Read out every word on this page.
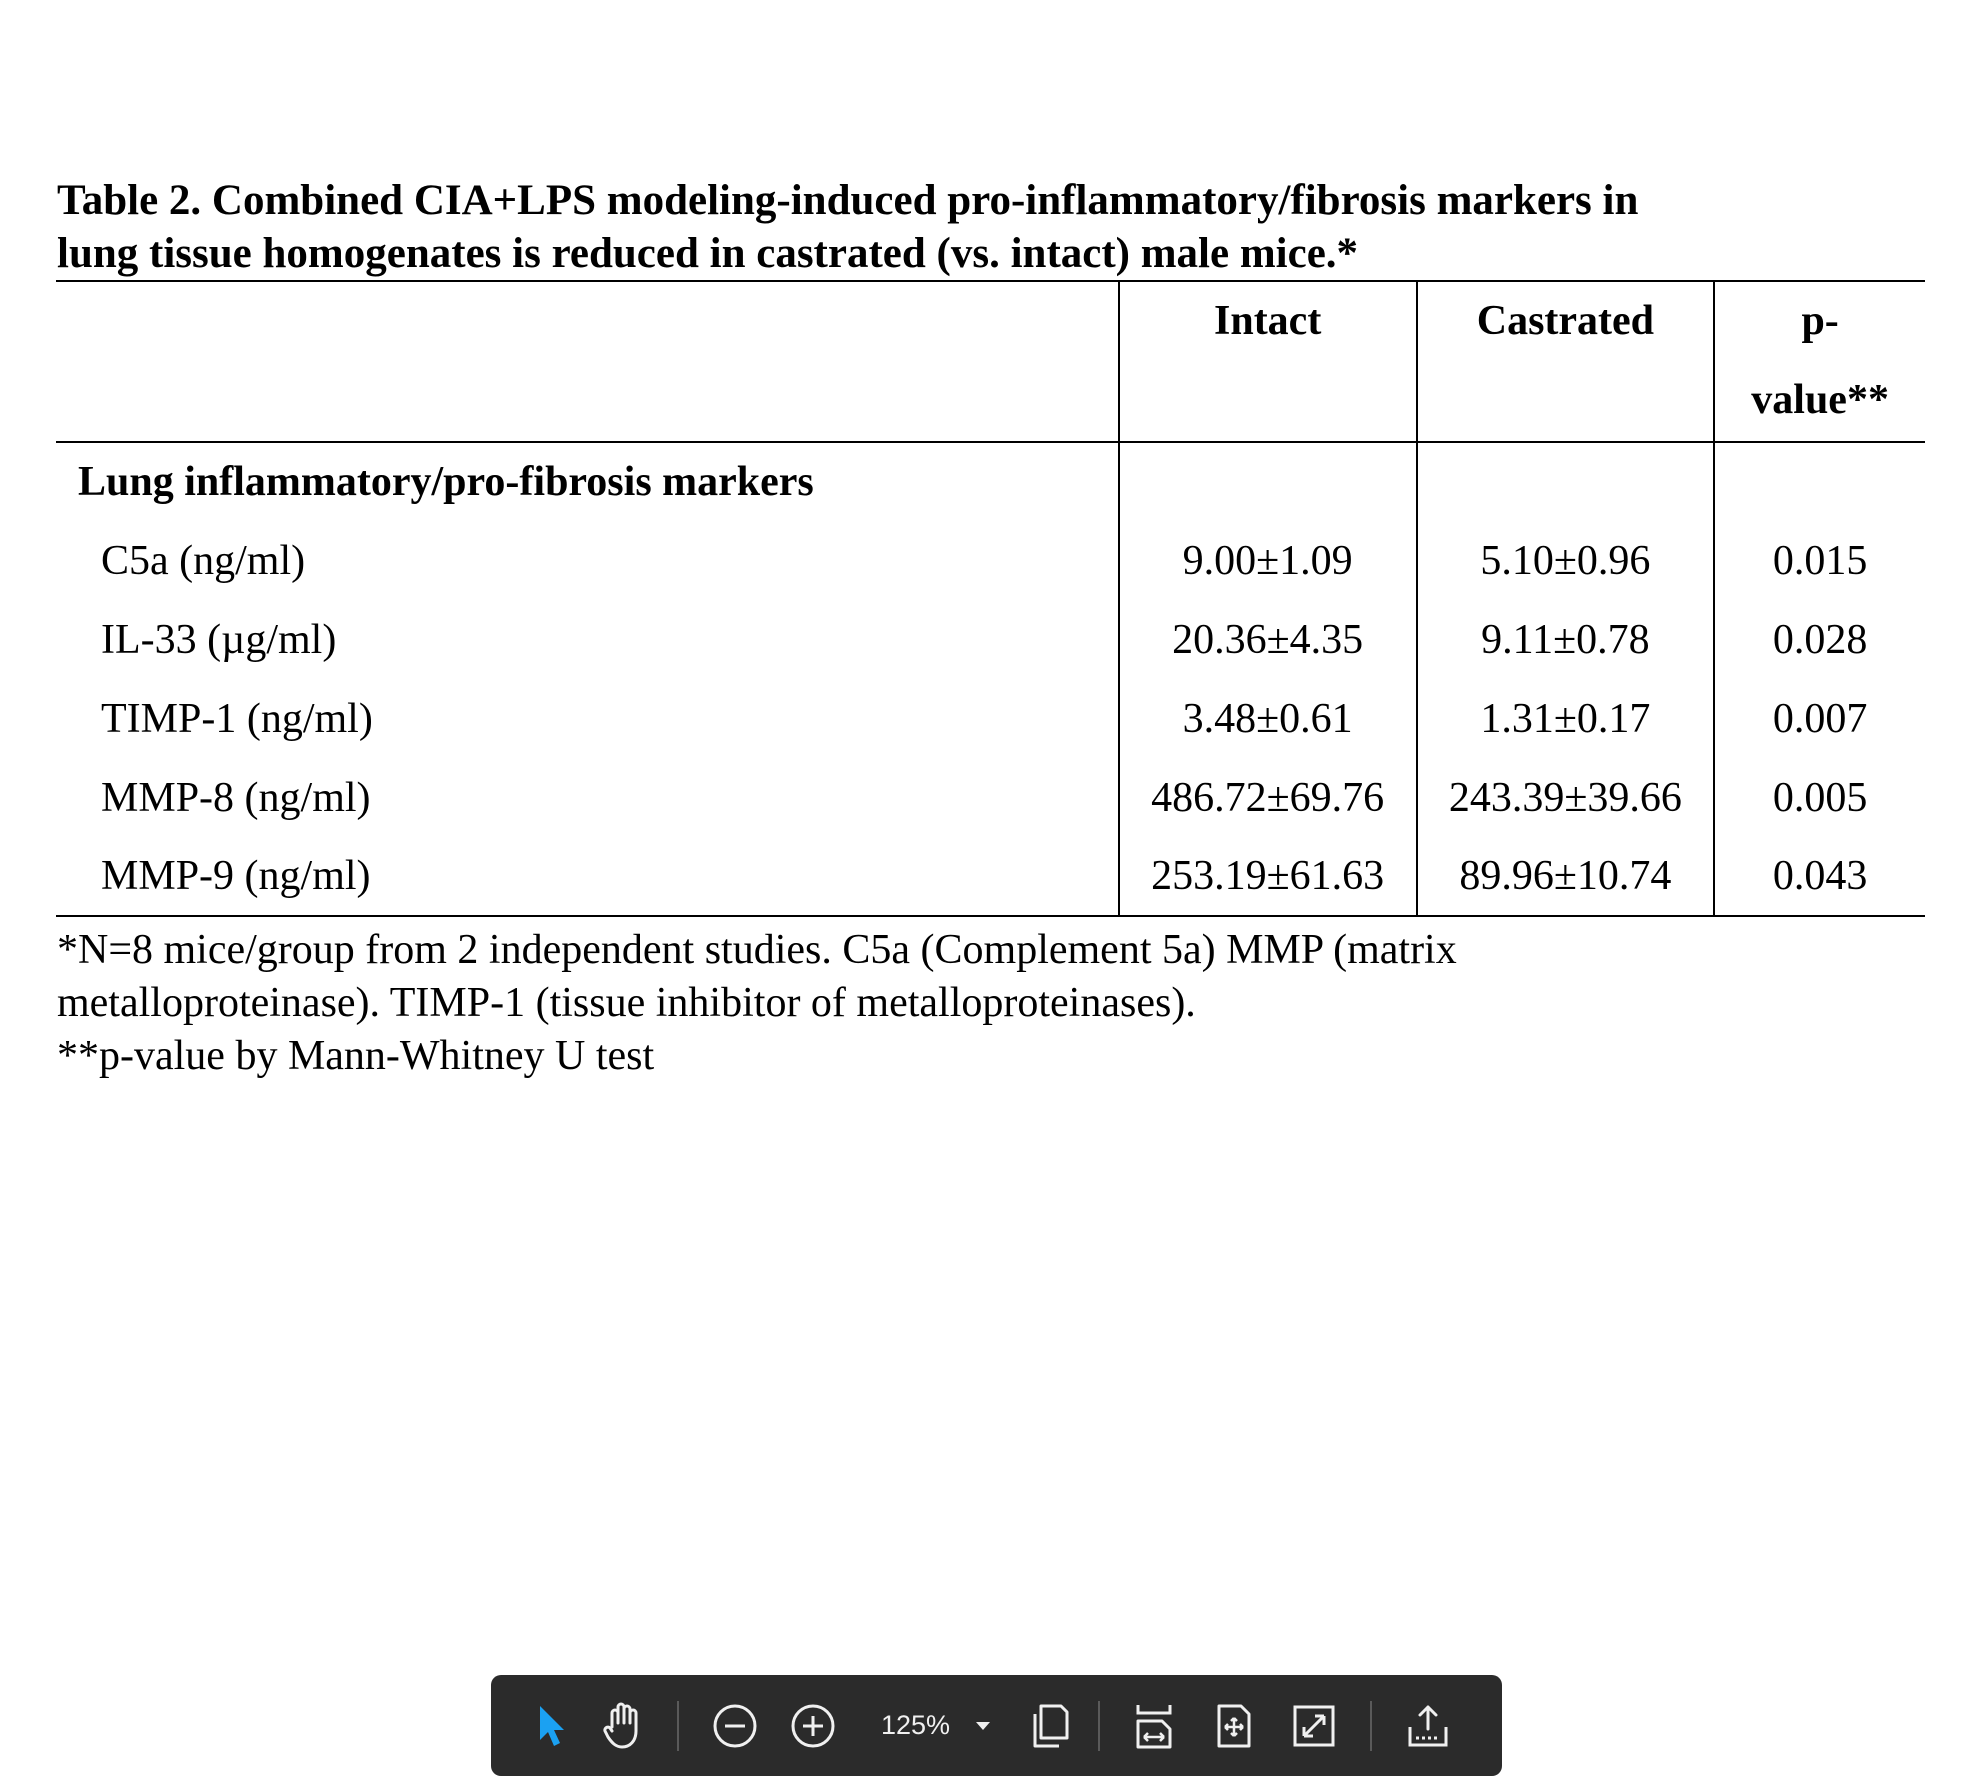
Table 2. Combined CIA+LPS modeling-induced pro-inflammatory/fibrosis markers in
lung tissue homogenates is reduced in castrated (vs. intact) male mice.*
	Intact	Castrated	p-
value**

Lung inflammatory/pro-fibrosis markers			
C5a (ng/ml)	9.00±1.09	5.10±0.96	0.015
IL-33 (µg/ml)	20.36±4.35	9.11±0.78	0.028
TIMP-1 (ng/ml)	3.48±0.61	1.31±0.17	0.007
MMP-8 (ng/ml)	486.72±69.76	243.39±39.66	0.005
MMP-9 (ng/ml)	253.19±61.63	89.96±10.74	0.043
*N=8 mice/group from 2 independent studies. C5a (Complement 5a) MMP (matrix
metalloproteinase). TIMP-1 (tissue inhibitor of metalloproteinases).
**p-value by Mann-Whitney U test
125%
